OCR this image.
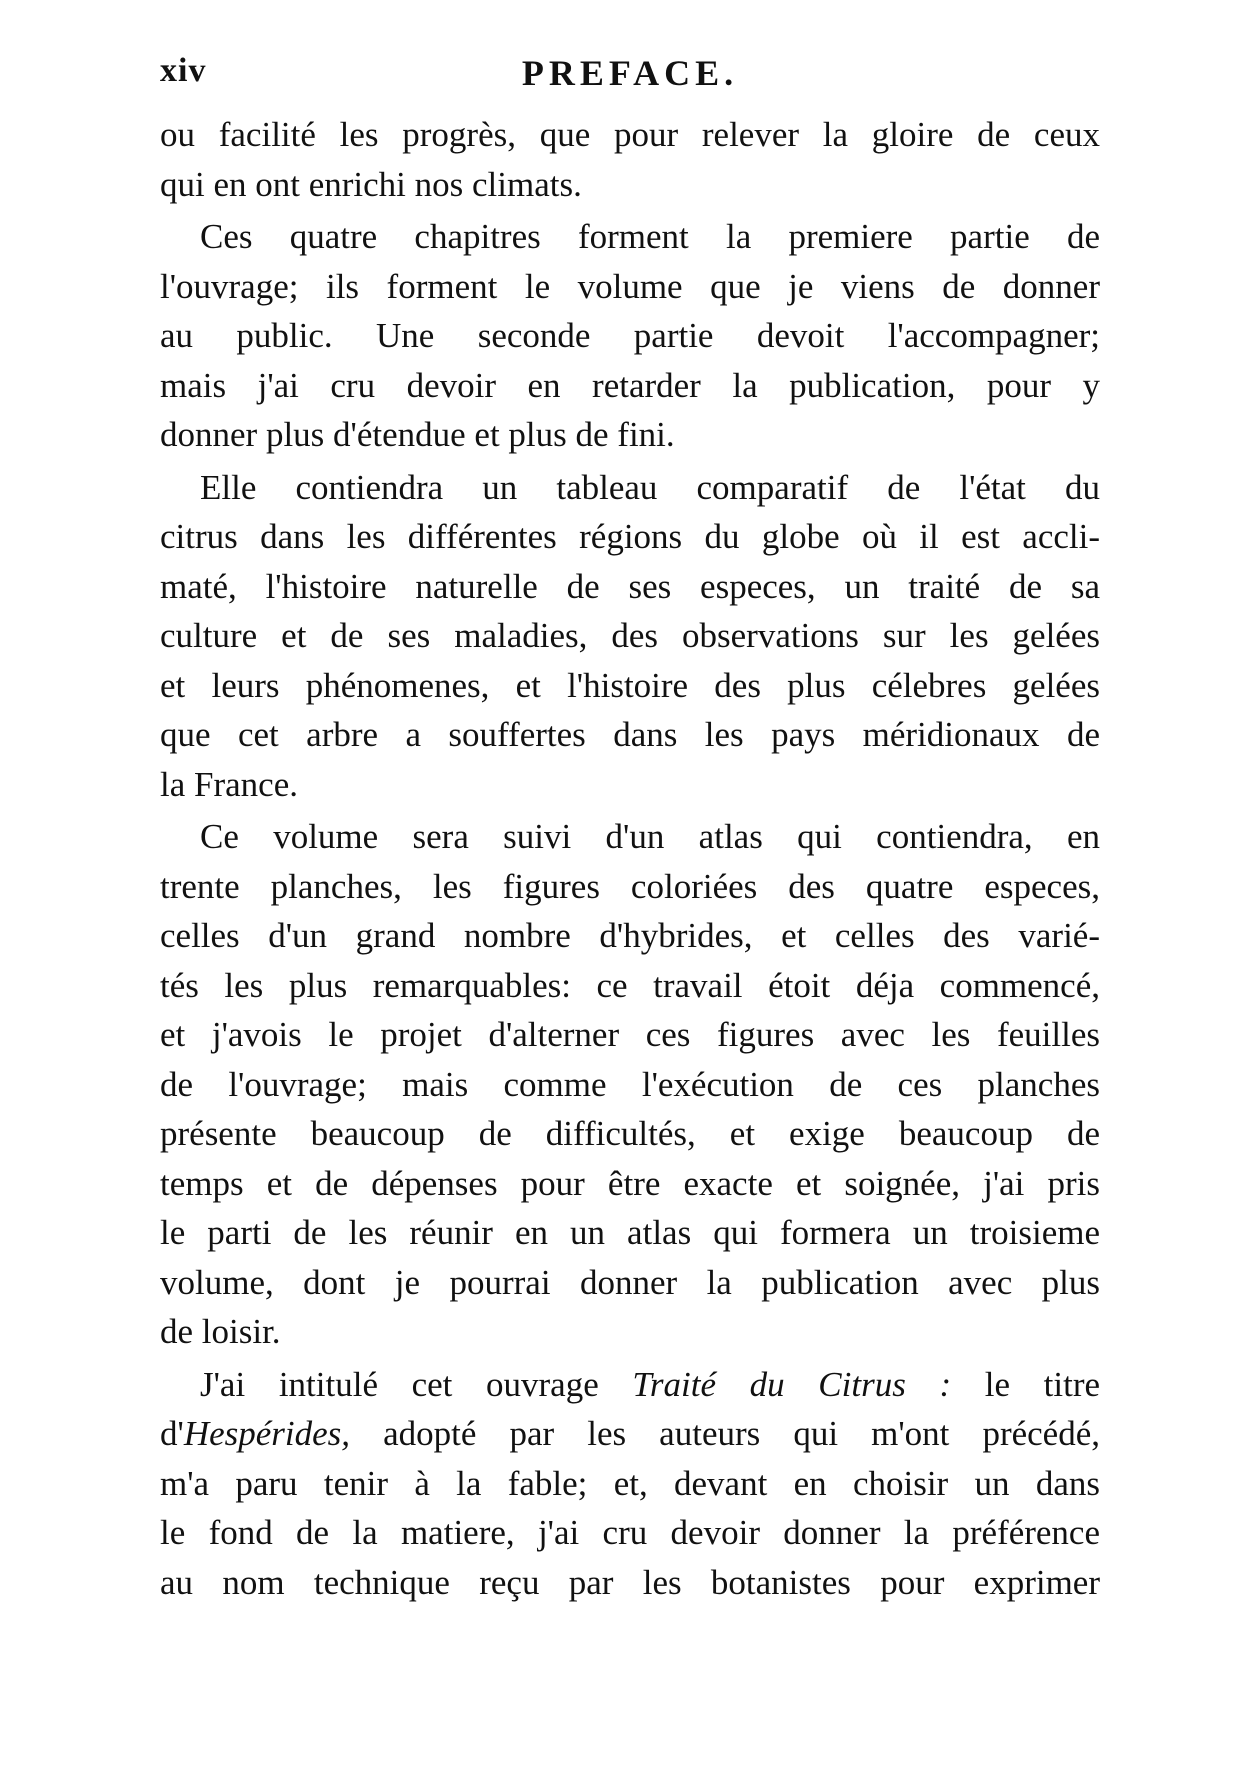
xiv	PREFACE.
ou facilité les progrès, que pour relever la gloire de ceux
qui en ont enrichi nos climats.
Ces quatre chapitres forment la premiere partie de
l'ouvrage; ils forment le volume que je viens de donner
au public. Une seconde partie devoit l'accompagner;
mais j'ai cru devoir en retarder la publication, pour y
donner plus d'étendue et plus de fini.
Elle contiendra un tableau comparatif de l'état du
citrus dans les différentes régions du globe où il est accli-
maté, l'histoire naturelle de ses especes, un traité de sa
culture et de ses maladies, des observations sur les gelées
et leurs phénomenes, et l'histoire des plus célebres gelées
que cet arbre a souffertes dans les pays méridionaux de
la France.
Ce volume sera suivi d'un atlas qui contiendra, en
trente planches, les figures coloriées des quatre especes,
celles d'un grand nombre d'hybrides, et celles des varié-
tés les plus remarquables: ce travail étoit déja commencé,
et j'avois le projet d'alterner ces figures avec les feuilles
de l'ouvrage; mais comme l'exécution de ces planches
présente beaucoup de difficultés, et exige beaucoup de
temps et de dépenses pour être exacte et soignée, j'ai pris
le parti de les réunir en un atlas qui formera un troisieme
volume, dont je pourrai donner la publication avec plus
de loisir.
J'ai intitulé cet ouvrage Traité du Citrus : le titre
d'Hespérides, adopté par les auteurs qui m'ont précédé,
m'a paru tenir à la fable; et, devant en choisir un dans
le fond de la matiere, j'ai cru devoir donner la préférence
au nom technique reçu par les botanistes pour exprimer
